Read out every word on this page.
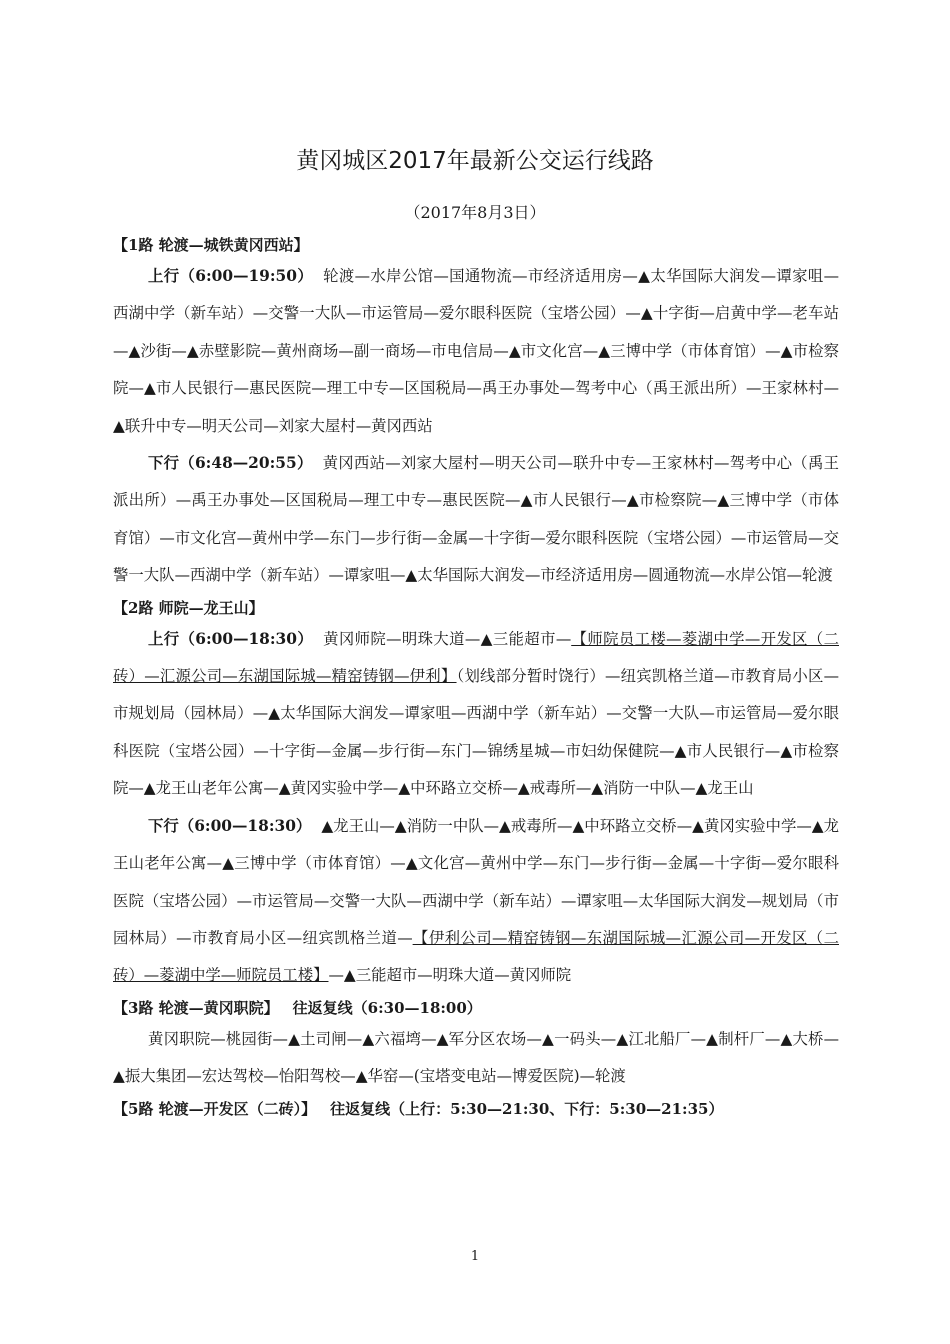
黄冈城区2017年最新公交运行线路
（2017年8月3日）
【1路 轮渡—城铁黄冈西站】

上行（6:00—19:50） 轮渡—水岸公馆—国通物流—市经济适用房—▲太华国际大润发—谭家咀—西湖中学（新车站）—交警一大队—市运管局—爱尔眼科医院（宝塔公园）—▲十字街—启黄中学—老车站—▲沙街—▲赤壁影院—黄州商场—副一商场—市电信局—▲市文化宫—▲三博中学（市体育馆）—▲市检察院—▲市人民银行—惠民医院—理工中专—区国税局—禹王办事处—驾考中心（禹王派出所）—王家林村—▲联升中专—明天公司—刘家大屋村—黄冈西站

下行（6:48—20:55） 黄冈西站—刘家大屋村—明天公司—联升中专—王家林村—驾考中心（禹王派出所）—禹王办事处—区国税局—理工中专—惠民医院—▲市人民银行—▲市检察院—▲三博中学（市体育馆）—市文化宫—黄州中学—东门—步行街—金属—十字街—爱尔眼科医院（宝塔公园）—市运管局—交警一大队—西湖中学（新车站）—谭家咀—▲太华国际大润发—市经济适用房—圆通物流—水岸公馆—轮渡

【2路 师院—龙王山】

上行（6:00—18:30） 黄冈师院—明珠大道—▲三能超市—【师院员工楼—菱湖中学—开发区（二砖）—汇源公司—东湖国际城—精窑铸钢—伊利】（划线部分暂时饶行）—纽宾凯格兰道—市教育局小区—市规划局（园林局）—▲太华国际大润发—谭家咀—西湖中学（新车站）—交警一大队—市运管局—爱尔眼科医院（宝塔公园）—十字街—金属—步行街—东门—锦绣星城—市妇幼保健院—▲市人民银行—▲市检察院—▲龙王山老年公寓—▲黄冈实验中学—▲中环路立交桥—▲戒毒所—▲消防一中队—▲龙王山

下行（6:00—18:30） ▲龙王山—▲消防一中队—▲戒毒所—▲中环路立交桥—▲黄冈实验中学—▲龙王山老年公寓—▲三博中学（市体育馆）—▲文化宫—黄州中学—东门—步行街—金属—十字街—爱尔眼科医院（宝塔公园）—市运管局—交警一大队—西湖中学（新车站）—谭家咀—太华国际大润发—规划局（市园林局）—市教育局小区—纽宾凯格兰道—【伊利公司—精窑铸钢—东湖国际城—汇源公司—开发区（二砖）—菱湖中学—师院员工楼】—▲三能超市—明珠大道—黄冈师院

【3路 轮渡—黄冈职院】 往返复线（6:30—18:00）

黄冈职院—桃园街—▲土司闸—▲六福塆—▲军分区农场—▲一码头—▲江北船厂—▲制杆厂—▲大桥—▲振大集团—宏达驾校—怡阳驾校—▲华窑—(宝塔变电站—博爱医院)—轮渡

【5路 轮渡—开发区（二砖）】 往返复线（上行：5:30—21:30、下行：5:30—21:35）
1
